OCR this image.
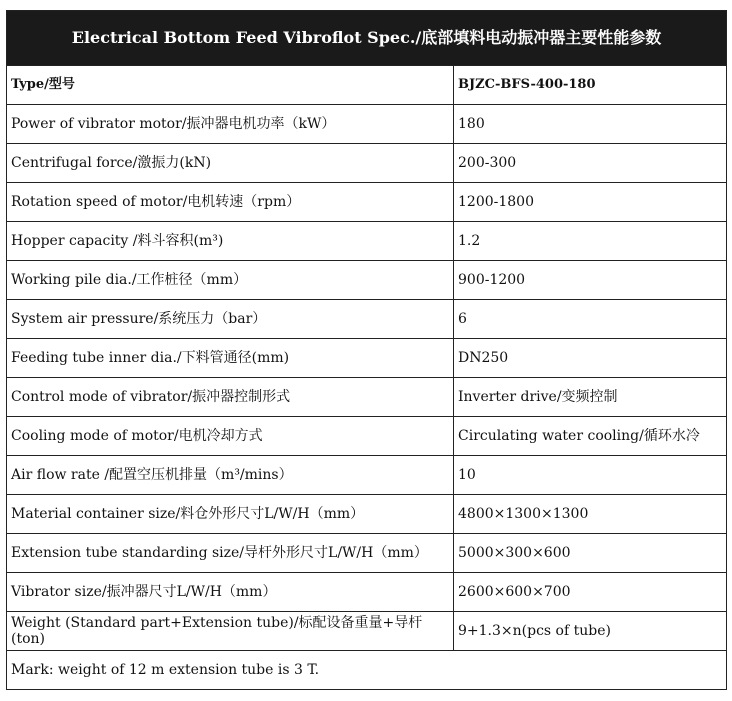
Electrical Bottom Feed Vibroflot Spec./底部填料电动振冲器主要性能参数	
Type/型号	BJZC-BFS-400-180
Power of vibrator motor/振冲器电机功率（kW）	180
Centrifugal force/激振力(kN)	200-300
Rotation speed of motor/电机转速（rpm）	1200-1800
Hopper capacity /料斗容积(m³)	1.2
Working pile dia./工作桩径（mm）	900-1200
System air pressure/系统压力（bar）	6
Feeding tube inner dia./下料管通径(mm)	DN250
Control mode of vibrator/振冲器控制形式	Inverter drive/变频控制
Cooling mode of motor/电机冷却方式	Circulating water cooling/循环水冷
Air flow rate /配置空压机排量（m³/mins）	10
Material container size/料仓外形尺寸L/W/H（mm）	4800×1300×1300
Extension tube standarding size/导杆外形尺寸L/W/H（mm）	5000×300×600
Vibrator size/振冲器尺寸L/W/H（mm）	2600×600×700
Weight (Standard part+Extension tube)/标配设备重量+导杆(ton)	9+1.3×n(pcs of tube)
Mark: weight of 12 m extension tube is 3 T.	
